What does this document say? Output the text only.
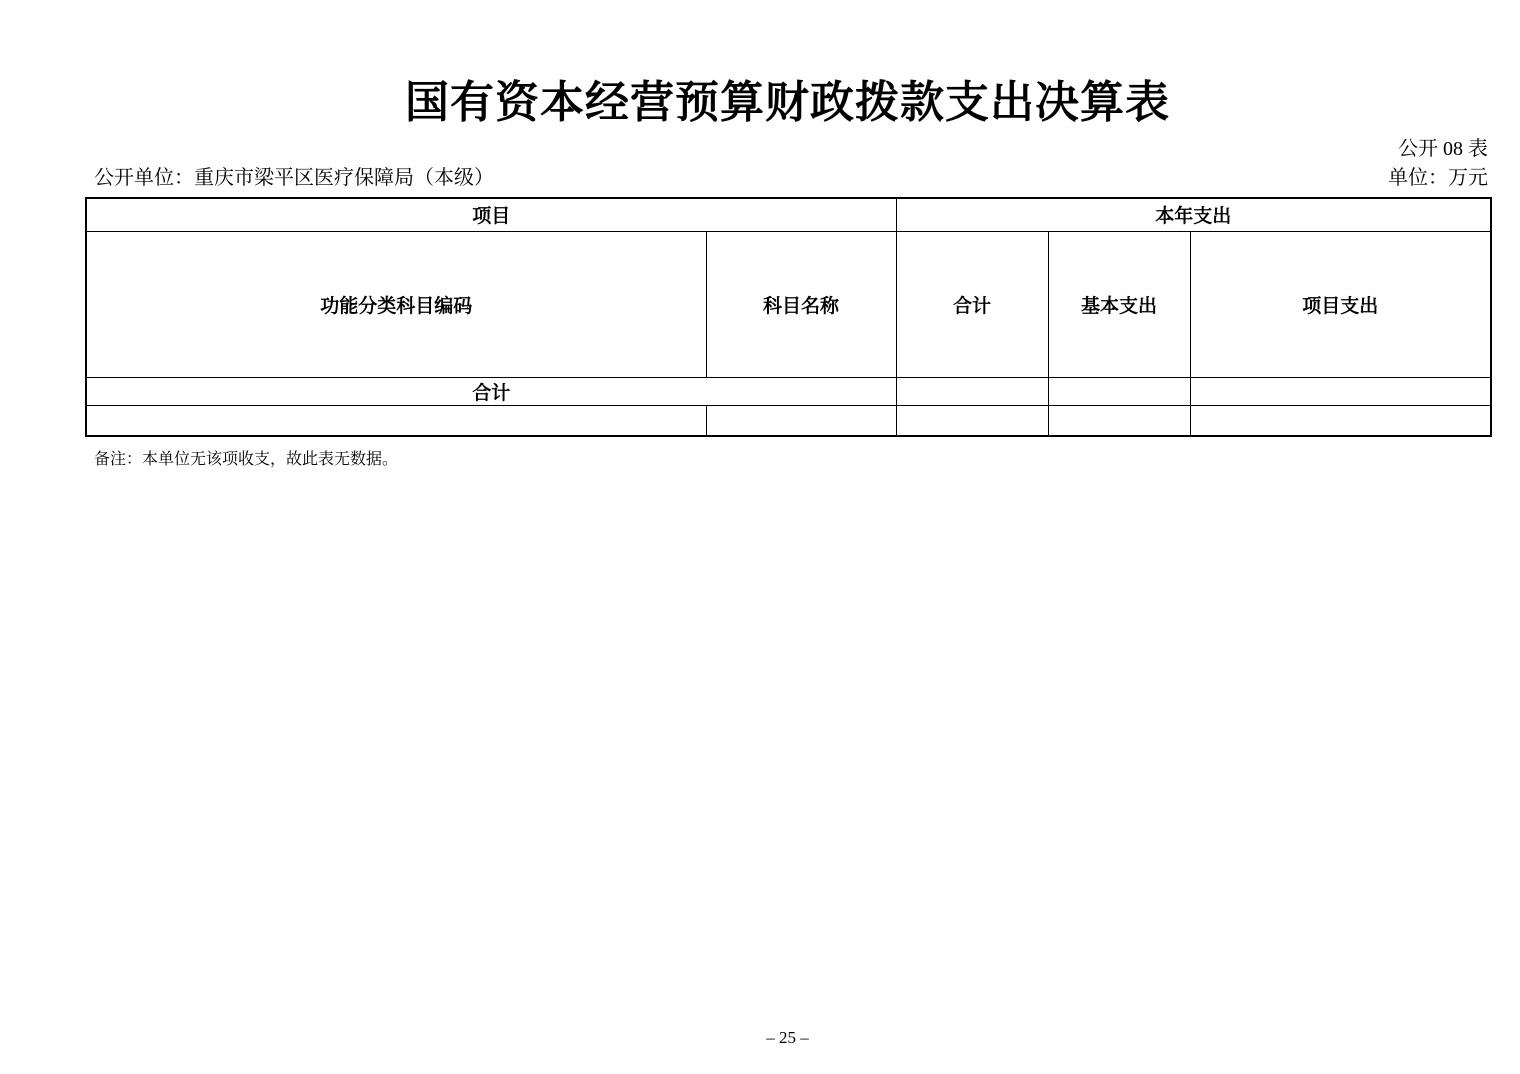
国有资本经营预算财政拨款支出决算表
公开 08 表
公开单位：重庆市梁平区医疗保障局（本级）	单位：万元
项目		本年支出		
功能分类科目编码	科目名称	合计	基本支出	项目支出
合计				

备注：本单位无该项收支，故此表无数据。
– 25 –
